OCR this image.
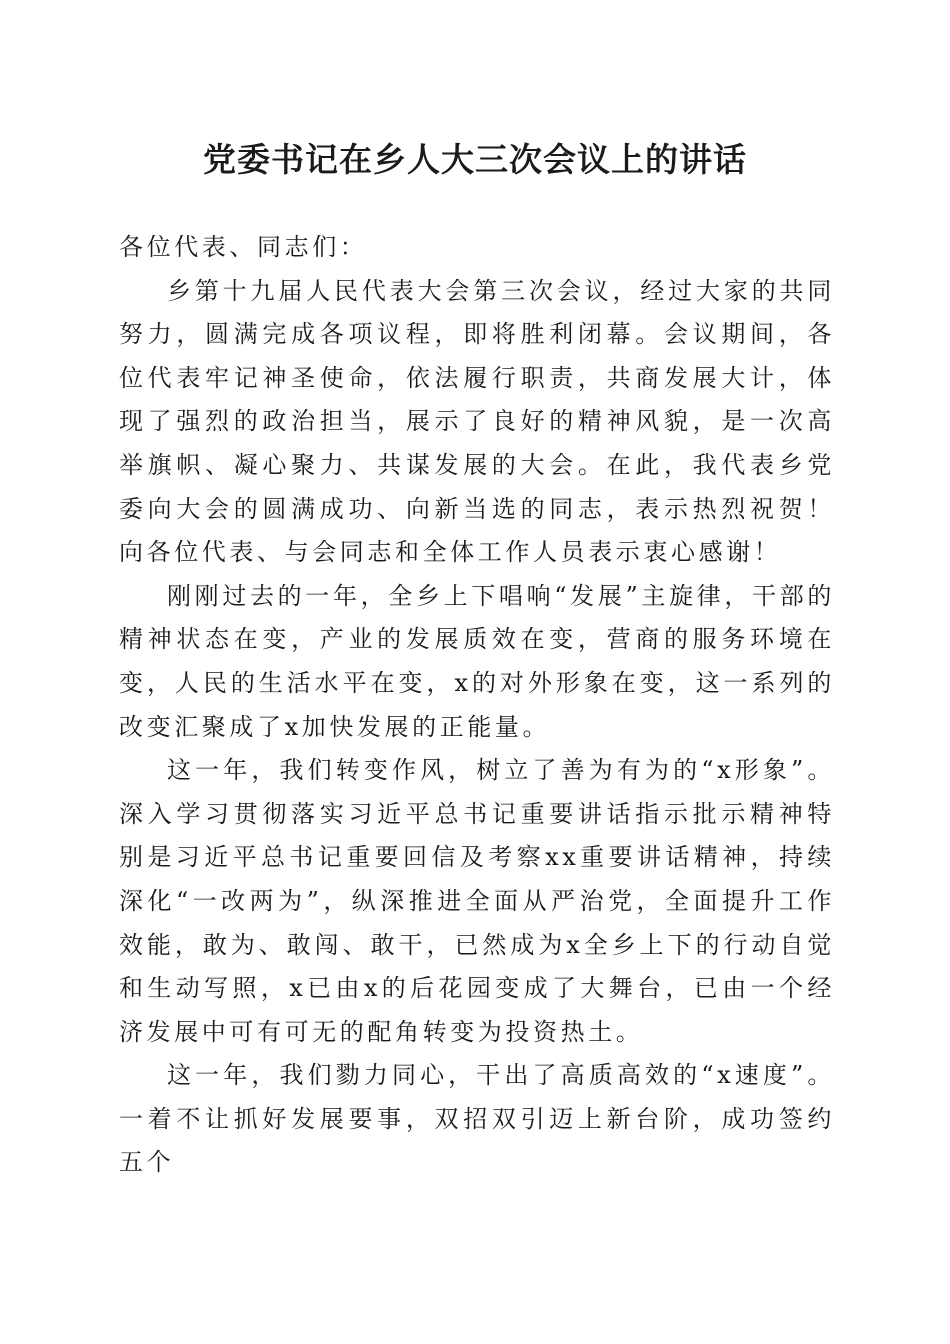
党委书记在乡人大三次会议上的讲话

各位代表、同志们：

乡第十九届人民代表大会第三次会议，经过大家的共同努力，圆满完成各项议程，即将胜利闭幕。会议期间，各位代表牢记神圣使命，依法履行职责，共商发展大计，体现了强烈的政治担当，展示了良好的精神风貌，是一次高举旗帜、凝心聚力、共谋发展的大会。在此，我代表乡党委向大会的圆满成功、向新当选的同志，表示热烈祝贺！向各位代表、与会同志和全体工作人员表示衷心感谢！

刚刚过去的一年，全乡上下唱响“发展”主旋律，干部的精神状态在变，产业的发展质效在变，营商的服务环境在变，人民的生活水平在变，x的对外形象在变，这一系列的改变汇聚成了x加快发展的正能量。

这一年，我们转变作风，树立了善为有为的“x形象”。深入学习贯彻落实习近平总书记重要讲话指示批示精神特别是习近平总书记重要回信及考察xx重要讲话精神，持续深化“一改两为”，纵深推进全面从严治党，全面提升工作效能，敢为、敢闯、敢干，已然成为x全乡上下的行动自觉和生动写照，x已由x的后花园变成了大舞台，已由一个经济发展中可有可无的配角转变为投资热土。

这一年，我们勠力同心，干出了高质高效的“x速度”。一着不让抓好发展要事，双招双引迈上新台阶，成功签约五个
